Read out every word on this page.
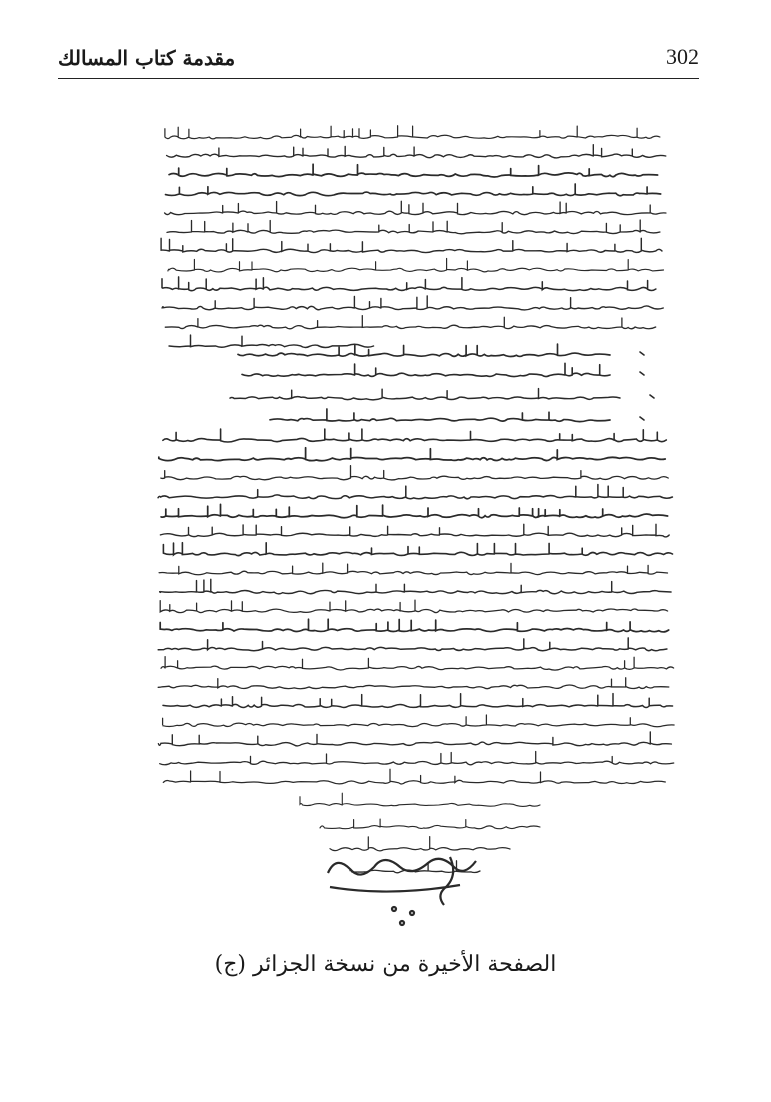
مقدمة كتاب المسالك	302
الصفحة الأخيرة من نسخة الجزائر (ج)
